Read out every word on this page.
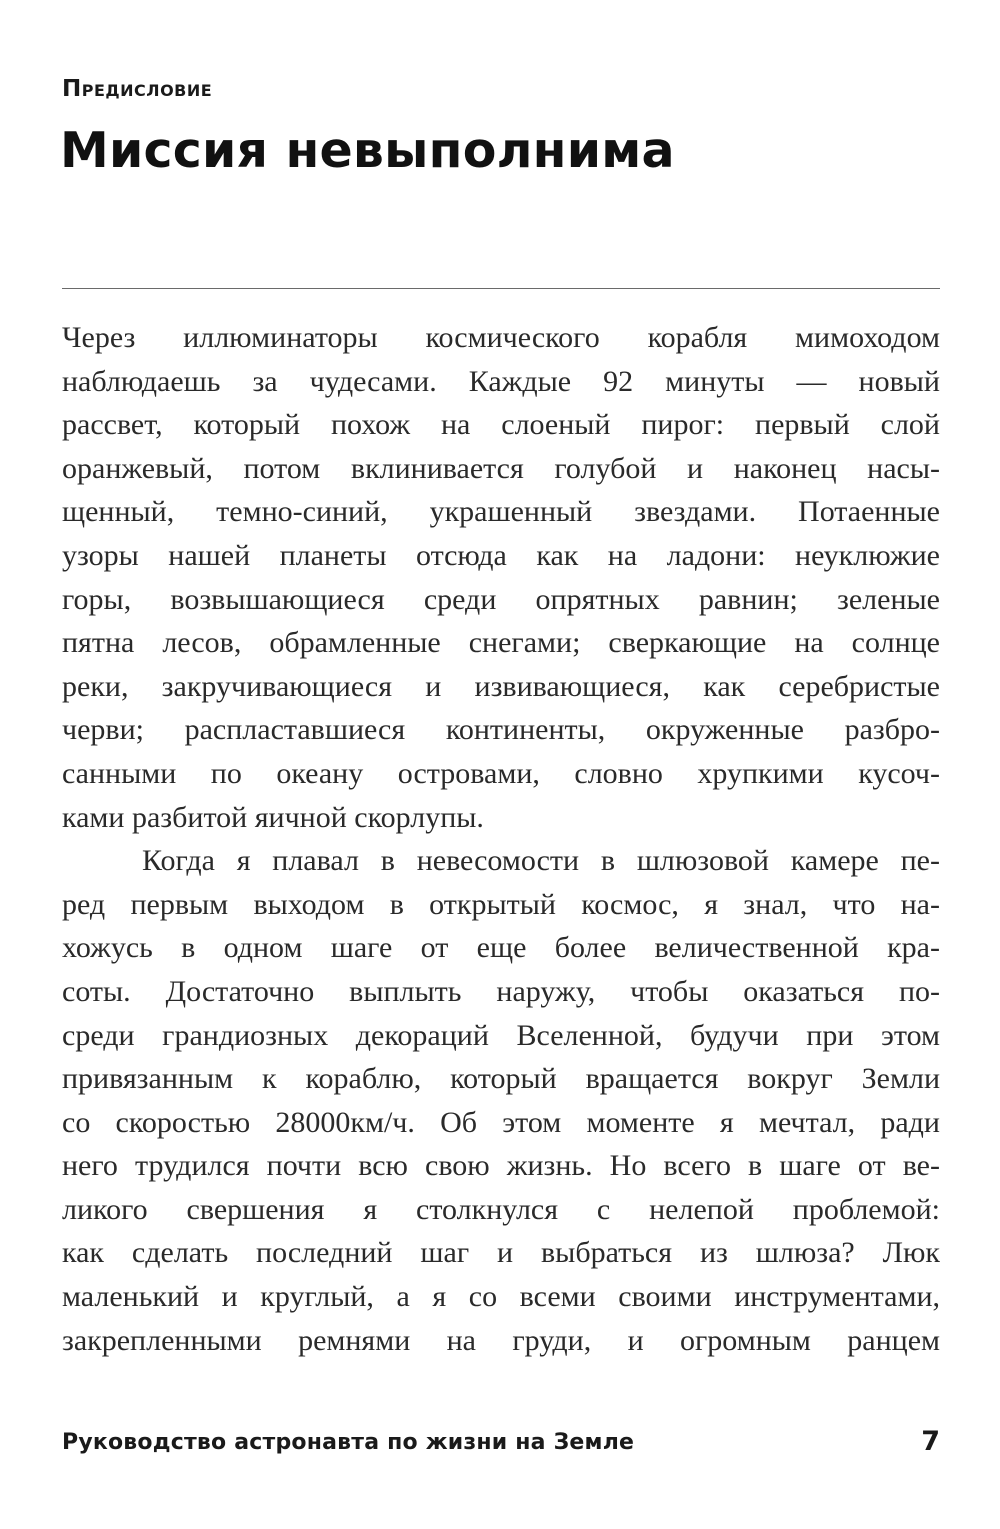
Предисловие
Миссия невыполнима
Через иллюминаторы космического корабля мимоходом
наблюдаешь за чудесами. Каждые 92 минуты — новый
рассвет, который похож на слоеный пирог: первый слой
оранжевый, потом вклинивается голубой и наконец насы-
щенный, темно-синий, украшенный звездами. Потаенные
узоры нашей планеты отсюда как на ладони: неуклюжие
горы, возвышающиеся среди опрятных равнин; зеленые
пятна лесов, обрамленные снегами; сверкающие на солнце
реки, закручивающиеся и извивающиеся, как серебристые
черви; распластавшиеся континенты, окруженные разбро-
санными по океану островами, словно хрупкими кусоч-
ками разбитой яичной скорлупы.
Когда я плавал в невесомости в шлюзовой камере пе-
ред первым выходом в открытый космос, я знал, что на-
хожусь в одном шаге от еще более величественной кра-
соты. Достаточно выплыть наружу, чтобы оказаться по-
среди грандиозных декораций Вселенной, будучи при этом
привязанным к кораблю, который вращается вокруг Земли
со скоростью 28000км/ч. Об этом моменте я мечтал, ради
него трудился почти всю свою жизнь. Но всего в шаге от ве-
ликого свершения я столкнулся с нелепой проблемой:
как сделать последний шаг и выбраться из шлюза? Люк
маленький и круглый, а я со всеми своими инструментами,
закрепленными ремнями на груди, и огромным ранцем
Руководство астронавта по жизни на Земле	7
